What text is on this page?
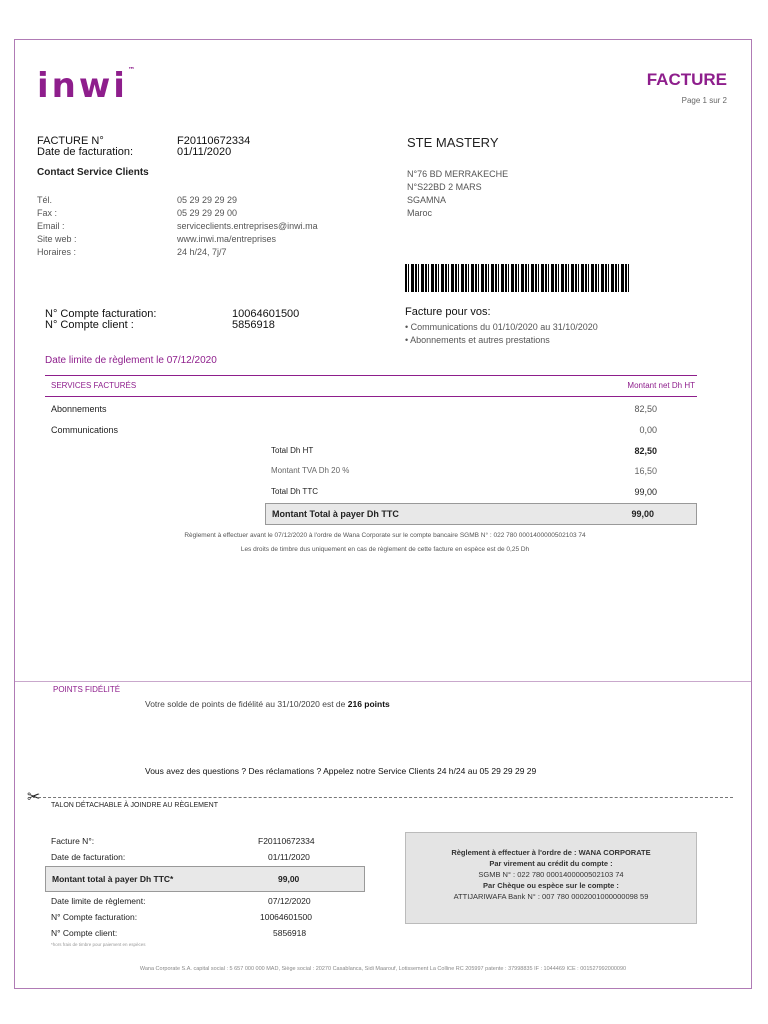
inwi™	FACTURE
Page 1 sur 2
FACTURE N°	F20110672334
Date de facturation:	01/11/2020
Contact Service Clients
Tél.	05 29 29 29 29
Fax :	05 29 29 29 00
Email :	serviceclients.entreprises@inwi.ma
Site web :	www.inwi.ma/entreprises
Horaires :	24 h/24, 7j/7
STE MASTERY
N°76 BD MERRAKECHE
N°S22BD 2 MARS
SGAMNA
Maroc
N° Compte facturation:	10064601500
N° Compte client :	5856918
Facture pour vos:
• Communications du 01/10/2020 au 31/10/2020
• Abonnements et autres prestations
Date limite de règlement le 07/12/2020
SERVICES FACTURÉS	Montant net Dh HT
Abonnements	82,50
Communications	0,00
Total Dh HT	82,50
Montant TVA Dh 20 %	16,50
Total Dh TTC	99,00
Montant Total à payer Dh TTC	99,00
Règlement à effectuer avant le 07/12/2020 à l'ordre de Wana Corporate sur le compte bancaire SGMB N° : 022 780 0001400000502103 74
Les droits de timbre dus uniquement en cas de règlement de cette facture en espèce est de 0,25 Dh
POINTS FIDÉLITÉ
Votre solde de points de fidélité au 31/10/2020 est de 216 points
Vous avez des questions ? Des réclamations ? Appelez notre Service Clients 24 h/24 au 05 29 29 29 29
✂ TALON DÉTACHABLE À JOINDRE AU RÈGLEMENT
Facture N°:	F20110672334
Date de facturation:	01/11/2020
Montant total à payer Dh TTC*	99,00
Date limite de règlement:	07/12/2020
N° Compte facturation:	10064601500
N° Compte client:	5856918
*hors frais de timbre pour paiement en espèces
Règlement à effectuer à l'ordre de : WANA CORPORATE
Par virement au crédit du compte :
SGMB N° : 022 780 0001400000502103 74
Par Chèque ou espèce sur le compte :
ATTIJARIWAFA Bank N° : 007 780 0002001000000098 59
Wana Corporate S.A. capital social : 5 657 000 000 MAD, Siège social : 20270 Casablanca, Sidi Maarouf, Lotissement La Colline RC 205997 patente : 37998835 IF : 1044469 ICE : 001527992000090
